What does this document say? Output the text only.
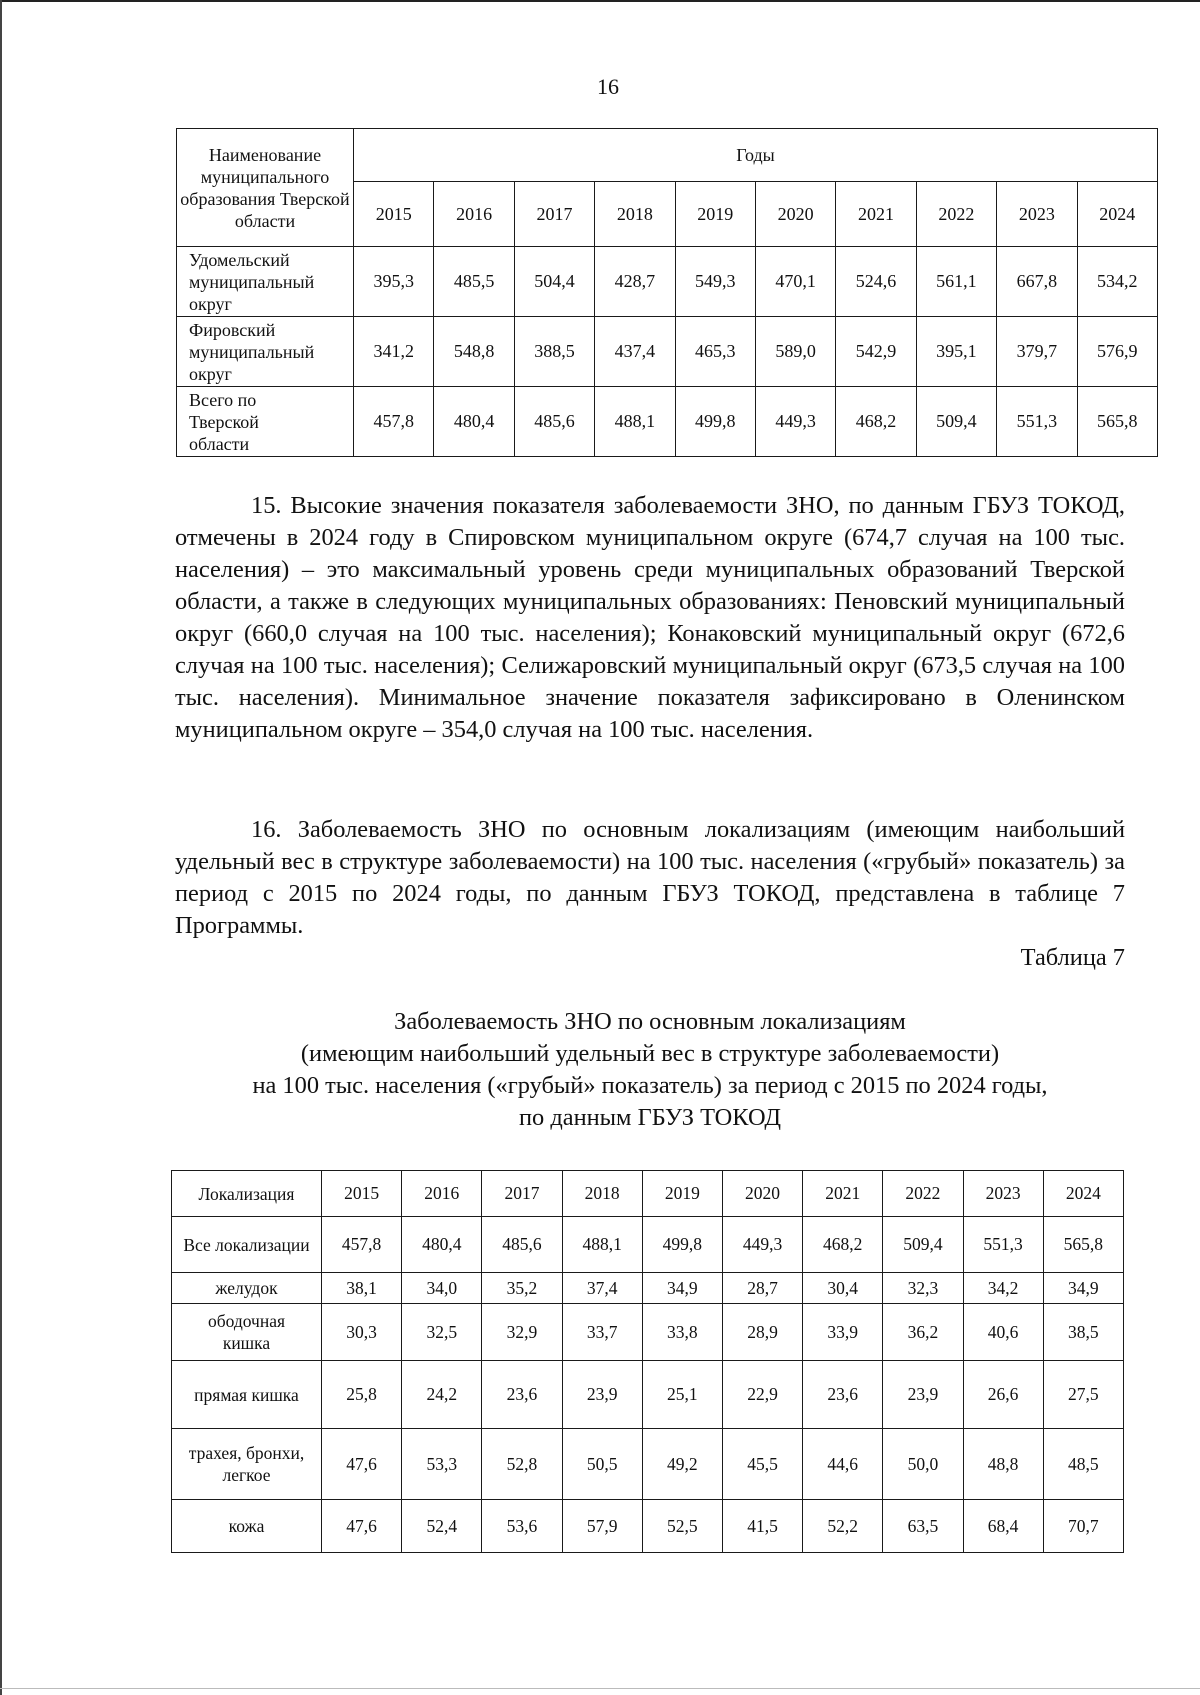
16
Наименование муниципального образования Тверской области	Годы									
	2015	2016	2017	2018	2019	2020	2021	2022	2023	2024
Удомельский
муниципальный
округ	395,3	485,5	504,4	428,7	549,3	470,1	524,6	561,1	667,8	534,2
Фировский
муниципальный
округ	341,2	548,8	388,5	437,4	465,3	589,0	542,9	395,1	379,7	576,9
Всего по
Тверской
области	457,8	480,4	485,6	488,1	499,8	449,3	468,2	509,4	551,3	565,8
15. Высокие значения показателя заболеваемости ЗНО, по данным ГБУЗ ТОКОД, отмечены в 2024 году в Спировском муниципальном округе (674,7 случая на 100 тыс. населения) – это максимальный уровень среди муниципальных образований Тверской области, а также в следующих муниципальных образованиях: Пеновский муниципальный округ (660,0 случая на 100 тыс. населения); Конаковский муниципальный округ (672,6 случая на 100 тыс. населения); Селижаровский муниципальный округ (673,5 случая на 100 тыс. населения). Минимальное значение показателя зафиксировано в Оленинском муниципальном округе – 354,0 случая на 100 тыс. населения.
16. Заболеваемость ЗНО по основным локализациям (имеющим наибольший удельный вес в структуре заболеваемости) на 100 тыс. населения («грубый» показатель) за период с 2015 по 2024 годы, по данным ГБУЗ ТОКОД, представлена в таблице 7 Программы.
Таблица 7
Заболеваемость ЗНО по основным локализациям
(имеющим наибольший удельный вес в структуре заболеваемости)
на 100 тыс. населения («грубый» показатель) за период с 2015 по 2024 годы,
по данным ГБУЗ ТОКОД
Локализация	2015	2016	2017	2018	2019	2020	2021	2022	2023	2024
Все локализации	457,8	480,4	485,6	488,1	499,8	449,3	468,2	509,4	551,3	565,8
желудок	38,1	34,0	35,2	37,4	34,9	28,7	30,4	32,3	34,2	34,9
ободочная
кишка	30,3	32,5	32,9	33,7	33,8	28,9	33,9	36,2	40,6	38,5
прямая кишка	25,8	24,2	23,6	23,9	25,1	22,9	23,6	23,9	26,6	27,5
трахея, бронхи,
легкое	47,6	53,3	52,8	50,5	49,2	45,5	44,6	50,0	48,8	48,5
кожа	47,6	52,4	53,6	57,9	52,5	41,5	52,2	63,5	68,4	70,7
